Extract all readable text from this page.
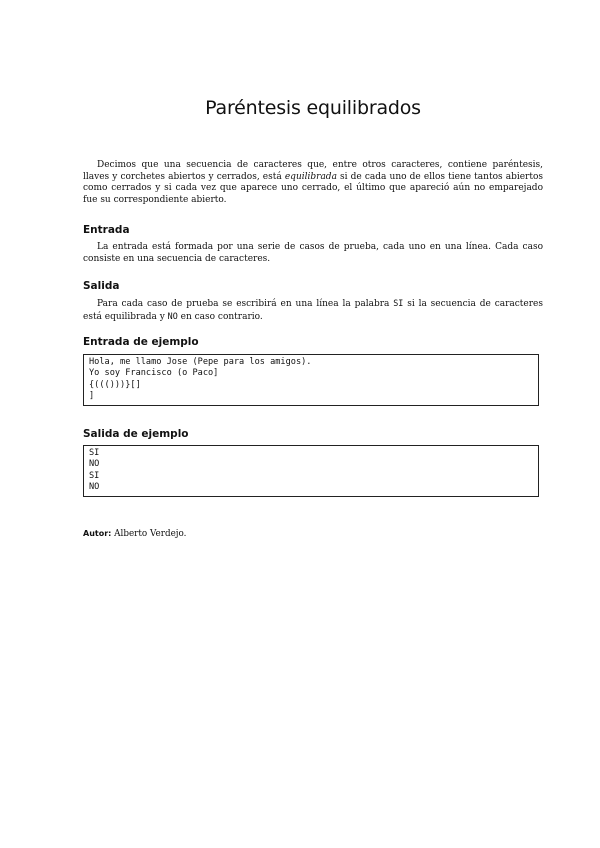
Paréntesis equilibrados

Decimos que una secuencia de caracteres que, entre otros caracteres, contiene paréntesis, llaves y corchetes abiertos y cerrados, está equilibrada si de cada uno de ellos tiene tantos abiertos como cerrados y si cada vez que aparece uno cerrado, el último que apareció aún no emparejado fue su correspondiente abierto.

Entrada

La entrada está formada por una serie de casos de prueba, cada uno en una línea. Cada caso consiste en una secuencia de caracteres.

Salida

Para cada caso de prueba se escribirá en una línea la palabra SI si la secuencia de caracteres está equilibrada y NO en caso contrario.

Entrada de ejemplo
Hola, me llamo Jose (Pepe para los amigos).
Yo soy Francisco (o Paco]
{((()))}[]
]
Salida de ejemplo
SI
NO
SI
NO
Autor: Alberto Verdejo.
